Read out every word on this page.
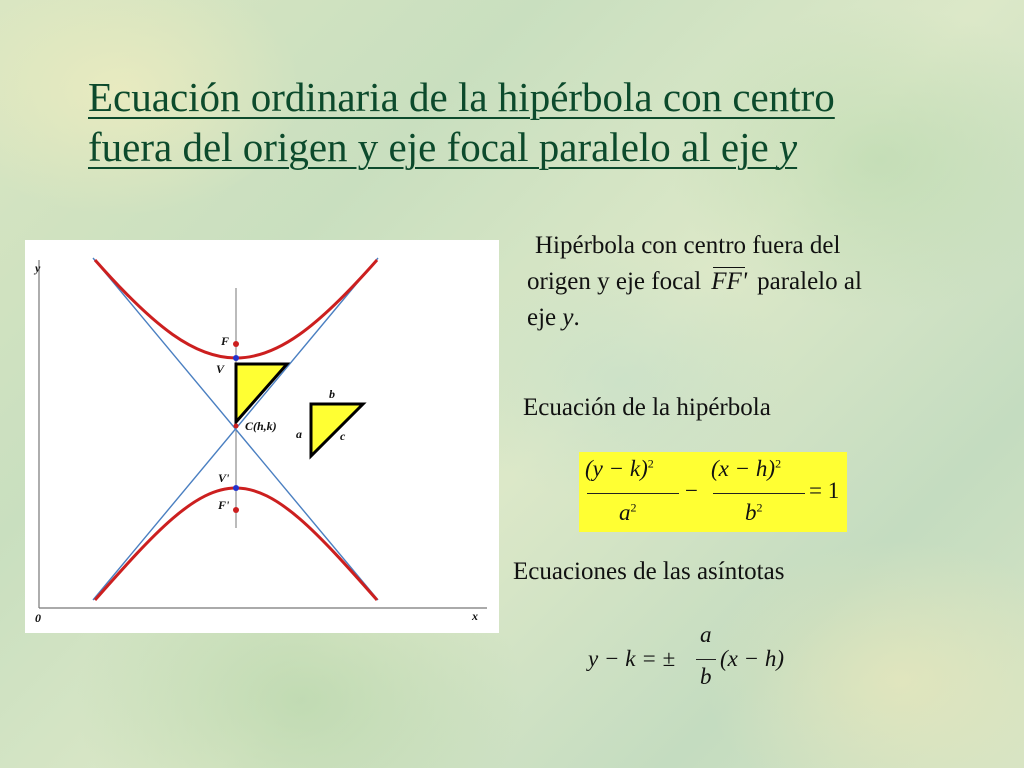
Ecuación ordinaria de la hipérbola con centro
fuera del origen y eje focal paralelo al eje y
y
x
0
F
V
C(h,k)
V'
F'
a
b
c
Hipérbola con centro fuera del
origen y eje focal FF' paralelo al
eje y.
Ecuación de la hipérbola
$(y - k)^2$
$a^2$
−
$(x - h)^2$
$b^2$
= 1
Ecuaciones de las asíntotas
y − k = ±
a
b
(x − h)
